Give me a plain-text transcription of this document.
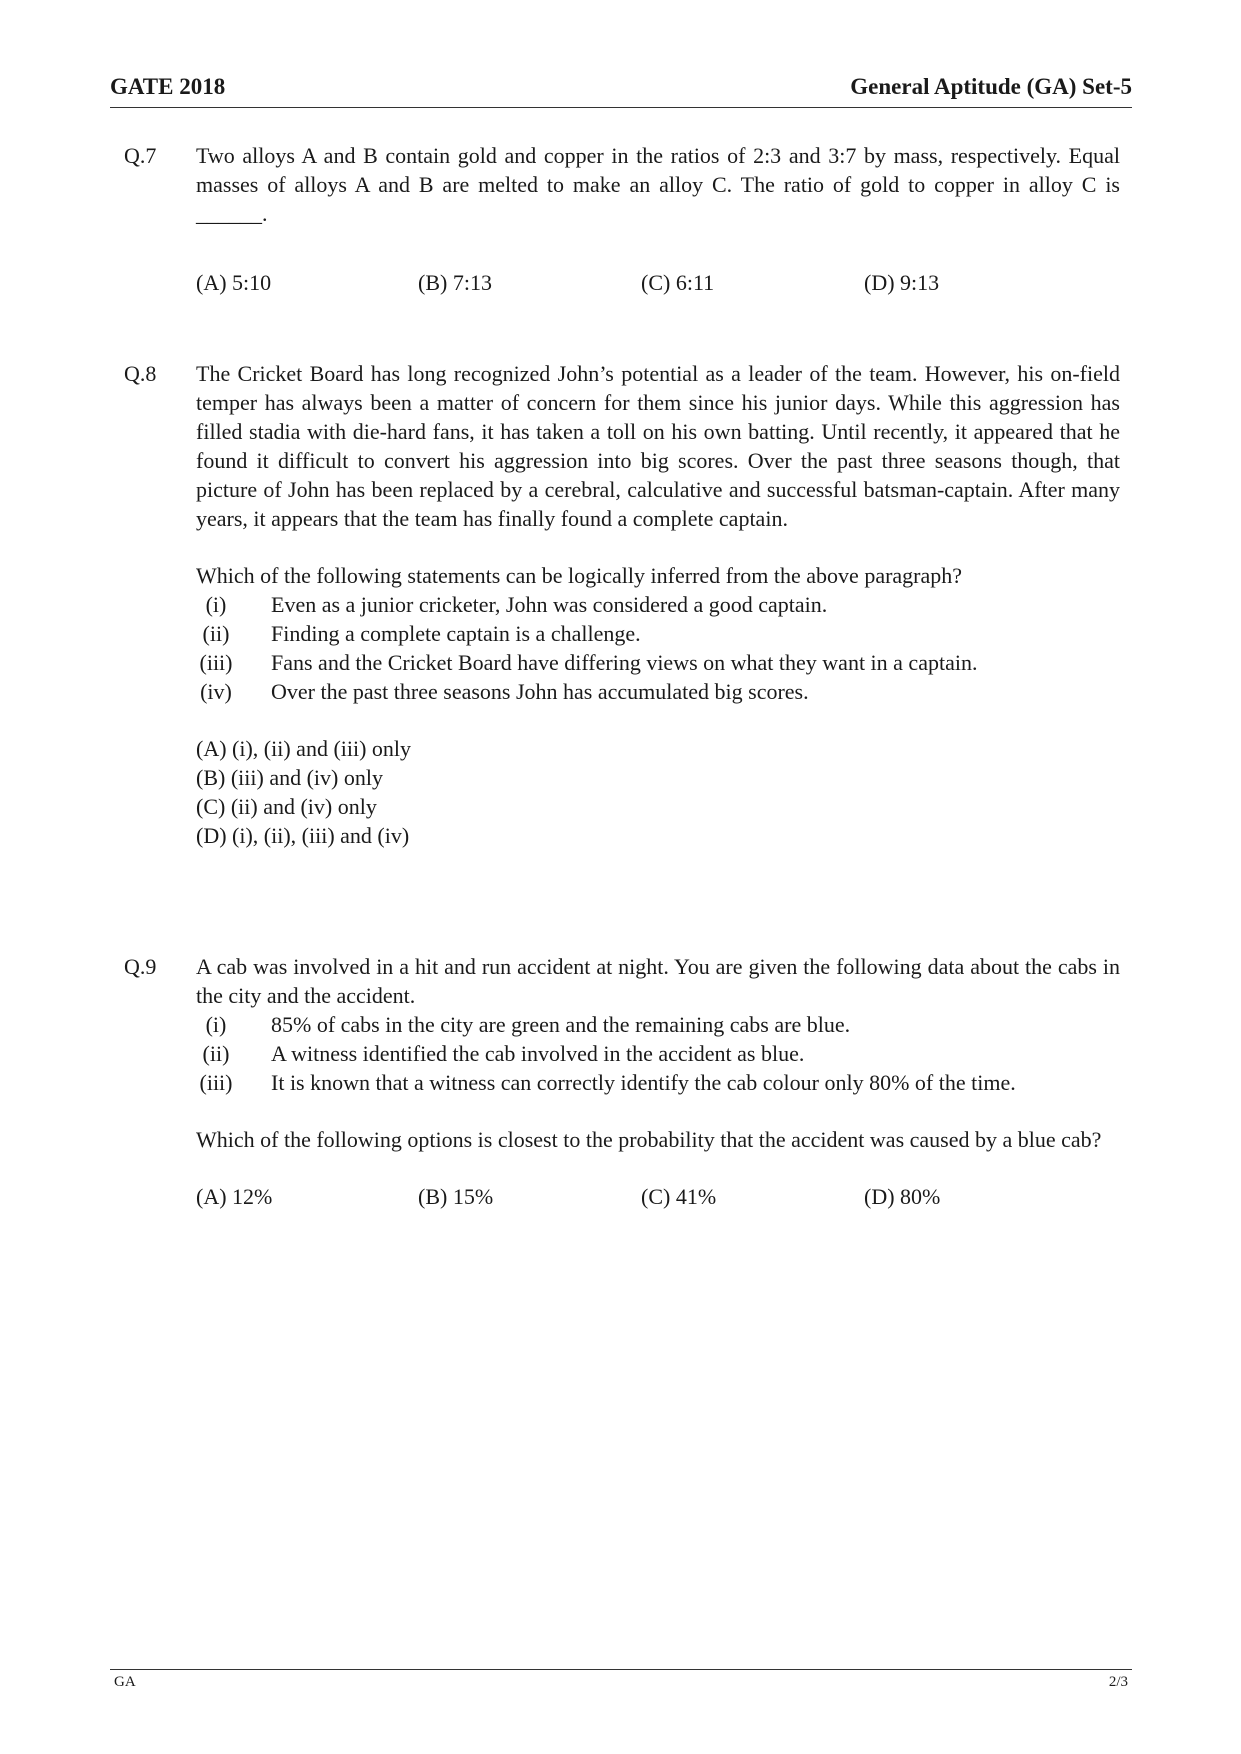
GATE 2018	General Aptitude (GA) Set-5
Q.7 Two alloys A and B contain gold and copper in the ratios of 2:3 and 3:7 by mass, respectively. Equal masses of alloys A and B are melted to make an alloy C. The ratio of gold to copper in alloy C is ______.

(A) 5:10	(B) 7:13	(C) 6:11	(D) 9:13
Q.8 The Cricket Board has long recognized John’s potential as a leader of the team. However, his on-field temper has always been a matter of concern for them since his junior days. While this aggression has filled stadia with die-hard fans, it has taken a toll on his own batting. Until recently, it appeared that he found it difficult to convert his aggression into big scores. Over the past three seasons though, that picture of John has been replaced by a cerebral, calculative and successful batsman-captain. After many years, it appears that the team has finally found a complete captain.

Which of the following statements can be logically inferred from the above paragraph?

(i)	Even as a junior cricketer, John was considered a good captain.
(ii) Finding a complete captain is a challenge.
(iii) Fans and the Cricket Board have differing views on what they want in a captain.
(iv) Over the past three seasons John has accumulated big scores.
(A) (i), (ii) and (iii) only
(B) (iii) and (iv) only
(C) (ii) and (iv) only
(D) (i), (ii), (iii) and (iv)
Q.9 A cab was involved in a hit and run accident at night. You are given the following data about the cabs in the city and the accident.

(i)	85% of cabs in the city are green and the remaining cabs are blue.
(ii) A witness identified the cab involved in the accident as blue.
(iii) It is known that a witness can correctly identify the cab colour only 80% of the time.

Which of the following options is closest to the probability that the accident was caused by a blue cab?

(A) 12%	(B) 15%	(C) 41%	(D) 80%
GA	2/3
